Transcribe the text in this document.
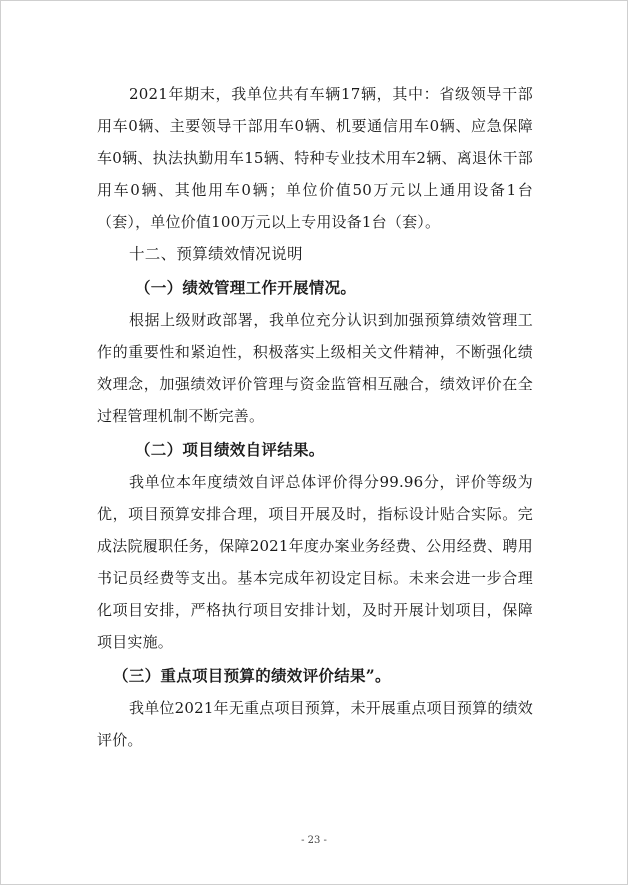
2021年期末，我单位共有车辆17辆，其中：省级领导干部用车0辆、主要领导干部用车0辆、机要通信用车0辆、应急保障车0辆、执法执勤用车15辆、特种专业技术用车2辆、离退休干部用车0辆、其他用车0辆；单位价值50万元以上通用设备1台（套），单位价值100万元以上专用设备1台（套）。

十二、预算绩效情况说明

（一）绩效管理工作开展情况。

根据上级财政部署，我单位充分认识到加强预算绩效管理工作的重要性和紧迫性，积极落实上级相关文件精神，不断强化绩效理念，加强绩效评价管理与资金监管相互融合，绩效评价在全过程管理机制不断完善。

（二）项目绩效自评结果。

我单位本年度绩效自评总体评价得分99.96分，评价等级为优，项目预算安排合理，项目开展及时，指标设计贴合实际。完成法院履职任务，保障2021年度办案业务经费、公用经费、聘用书记员经费等支出。基本完成年初设定目标。未来会进一步合理化项目安排，严格执行项目安排计划，及时开展计划项目，保障项目实施。

（三）重点项目预算的绩效评价结果”。

我单位2021年无重点项目预算，未开展重点项目预算的绩效评价。

- 23 -
